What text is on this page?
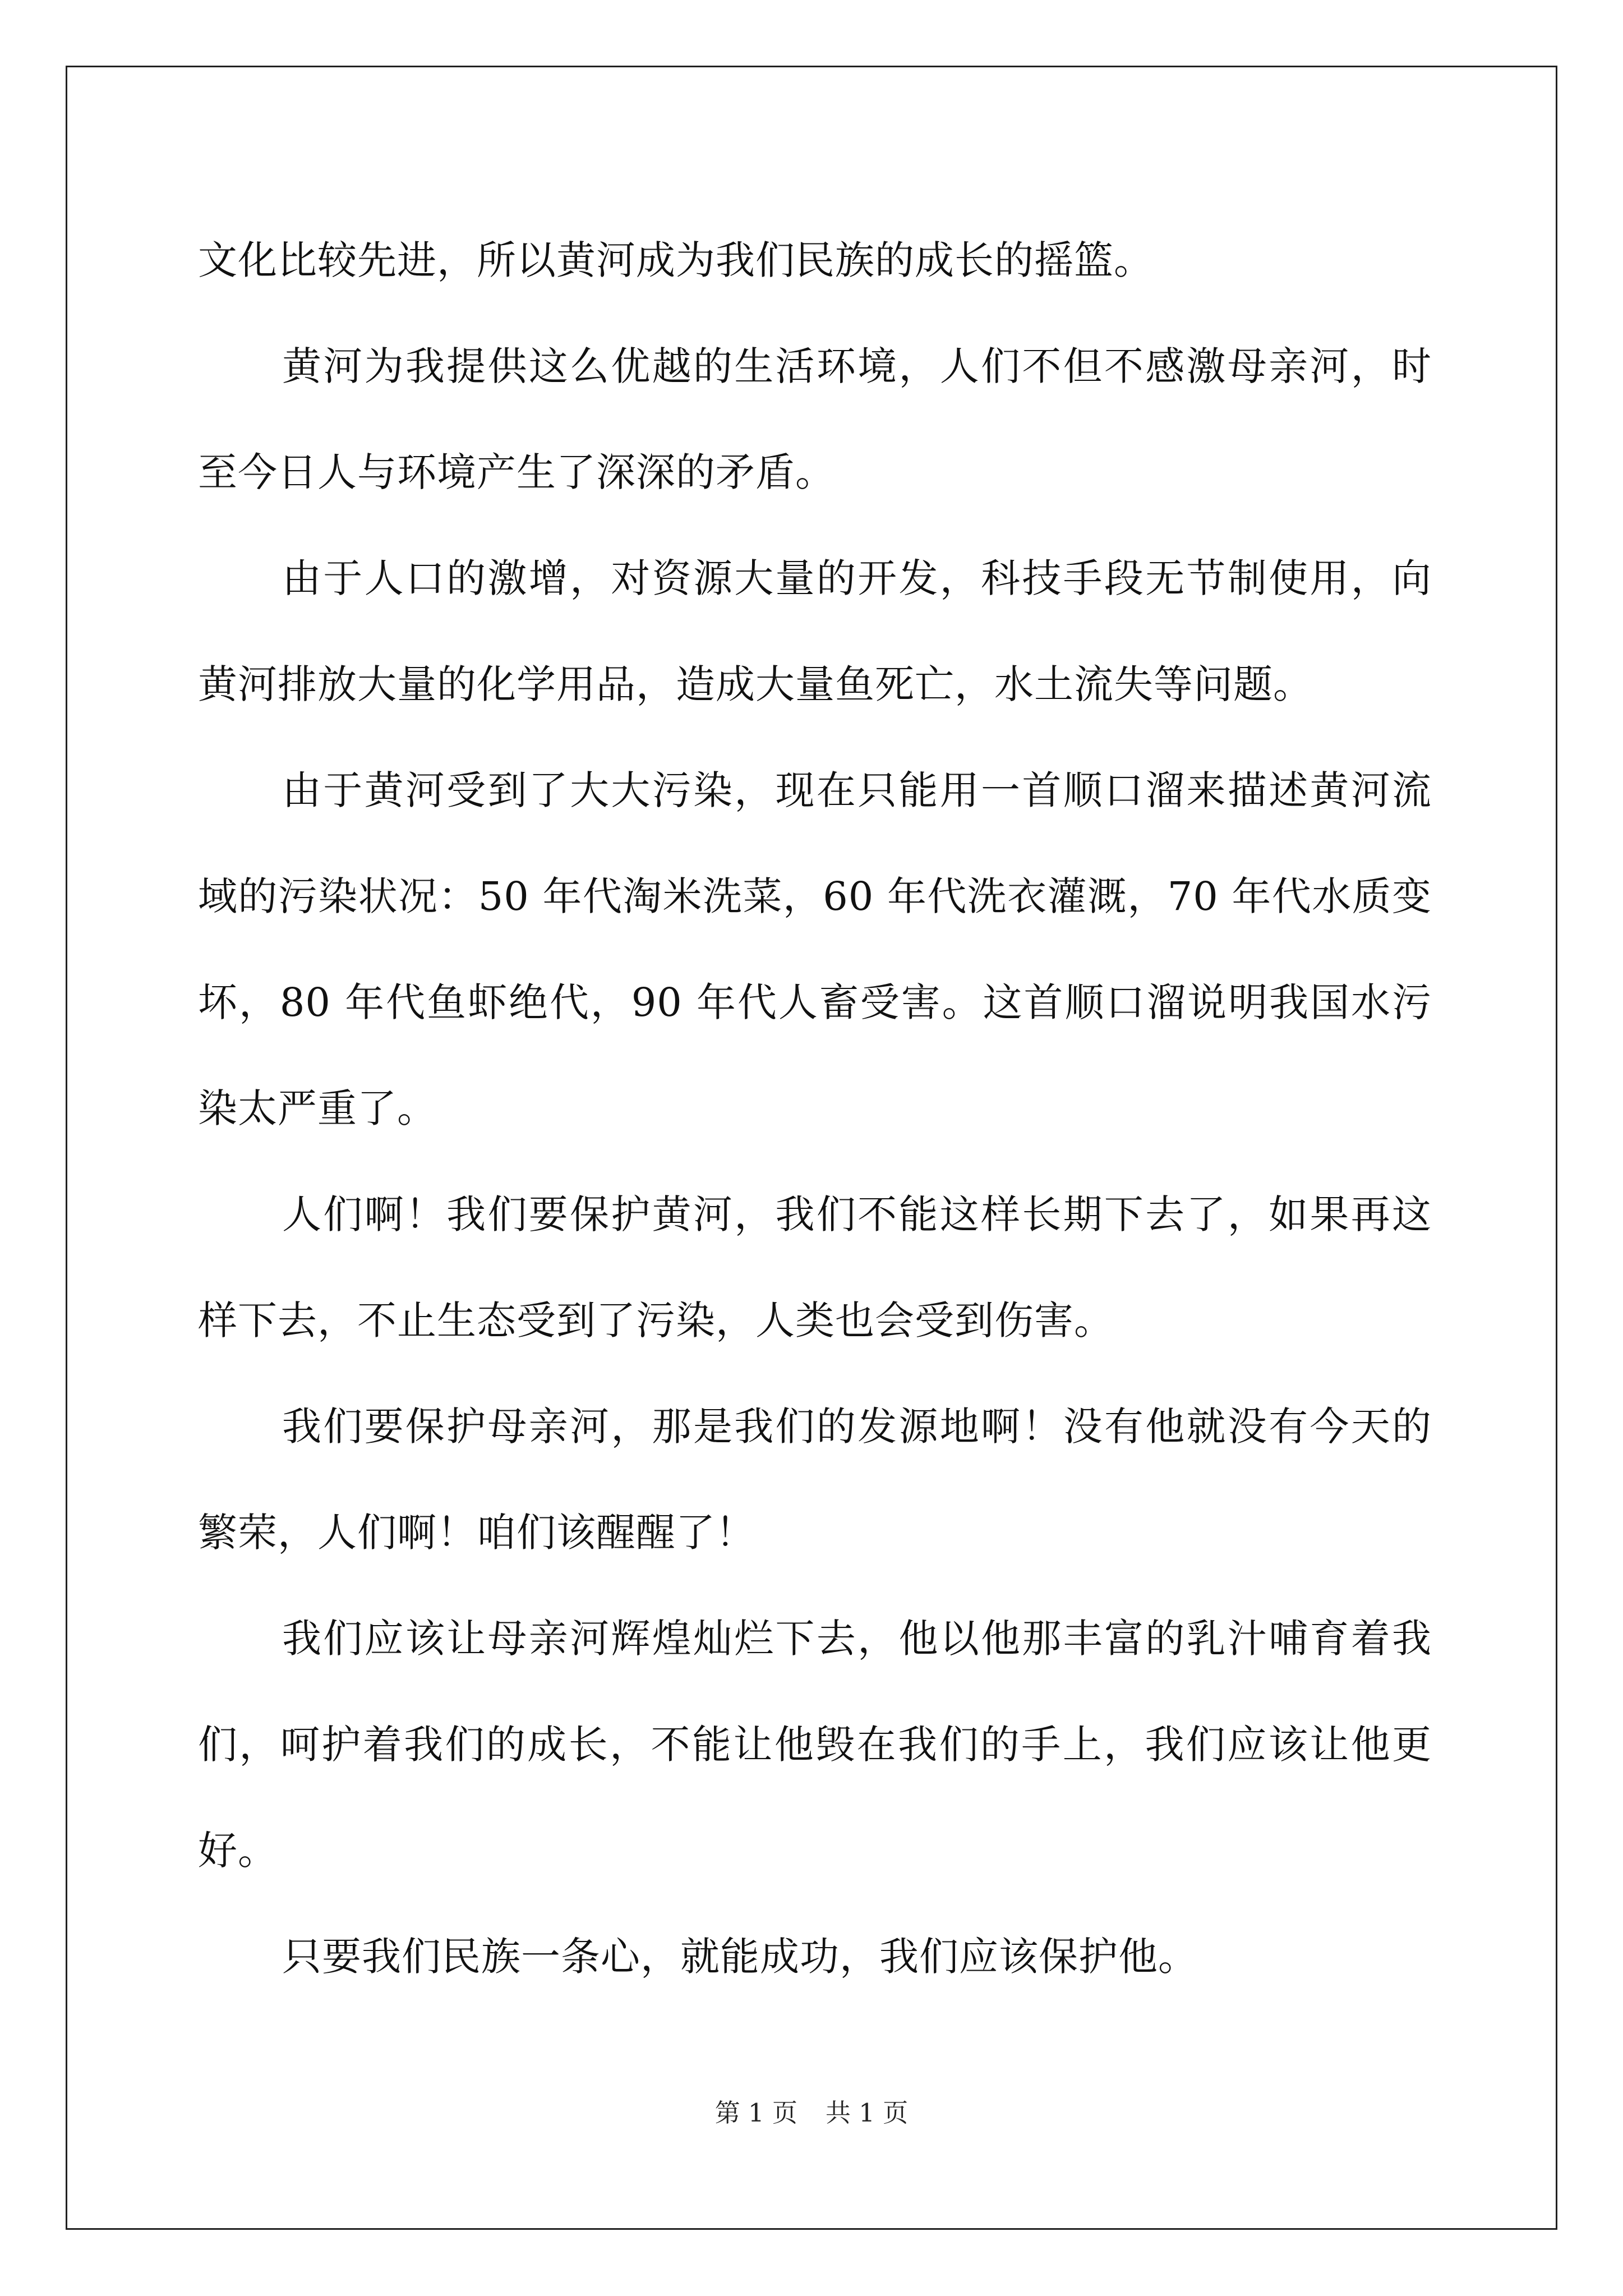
文化比较先进，所以黄河成为我们民族的成长的摇篮。

黄河为我提供这么优越的生活环境，人们不但不感激母亲河，时至今日人与环境产生了深深的矛盾。

由于人口的激增，对资源大量的开发，科技手段无节制使用，向黄河排放大量的化学用品，造成大量鱼死亡，水土流失等问题。

由于黄河受到了大大污染，现在只能用一首顺口溜来描述黄河流域的污染状况：50 年代淘米洗菜，60 年代洗衣灌溉，70 年代水质变坏，80 年代鱼虾绝代，90 年代人畜受害。这首顺口溜说明我国水污染太严重了。

人们啊！我们要保护黄河，我们不能这样长期下去了，如果再这样下去，不止生态受到了污染，人类也会受到伤害。

我们要保护母亲河，那是我们的发源地啊！没有他就没有今天的繁荣，人们啊！咱们该醒醒了！

我们应该让母亲河辉煌灿烂下去，他以他那丰富的乳汁哺育着我们，呵护着我们的成长，不能让他毁在我们的手上，我们应该让他更好。

只要我们民族一条心，就能成功，我们应该保护他。

第 1 页 共 1 页
